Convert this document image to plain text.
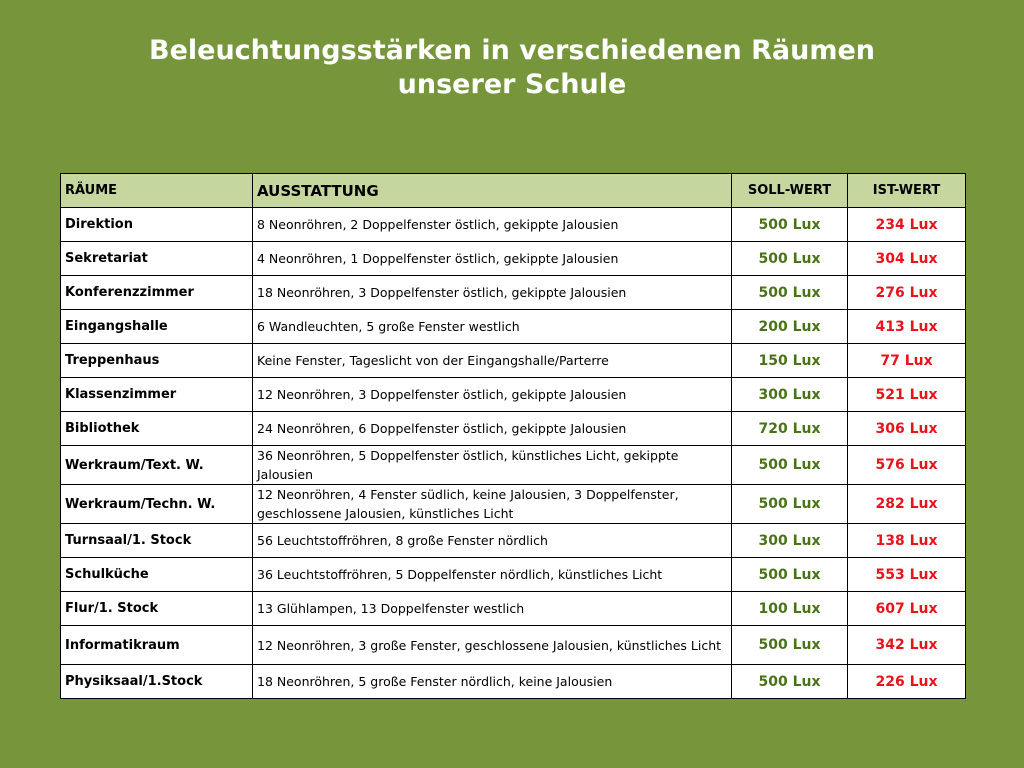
Beleuchtungsstärken in verschiedenen Räumen
unserer Schule
RÄUME	AUSSTATTUNG	SOLL-WERT	IST-WERT
Direktion	8 Neonröhren, 2 Doppelfenster östlich, gekippte Jalousien	500 Lux	234 Lux
Sekretariat	4 Neonröhren, 1 Doppelfenster östlich, gekippte Jalousien	500 Lux	304 Lux
Konferenzzimmer	18 Neonröhren, 3 Doppelfenster östlich, gekippte Jalousien	500 Lux	276 Lux
Eingangshalle	6 Wandleuchten, 5 große Fenster westlich	200 Lux	413 Lux
Treppenhaus	Keine Fenster, Tageslicht von der Eingangshalle/Parterre	150 Lux	77 Lux
Klassenzimmer	12 Neonröhren, 3 Doppelfenster östlich, gekippte Jalousien	300 Lux	521 Lux
Bibliothek	24 Neonröhren, 6 Doppelfenster östlich, gekippte Jalousien	720 Lux	306 Lux
Werkraum/Text. W.	36 Neonröhren, 5 Doppelfenster östlich, künstliches Licht, gekippte Jalousien	500 Lux	576 Lux
Werkraum/Techn. W.	12 Neonröhren, 4 Fenster südlich, keine Jalousien, 3 Doppelfenster, geschlossene Jalousien, künstliches Licht	500 Lux	282 Lux
Turnsaal/1. Stock	56 Leuchtstoffröhren, 8 große Fenster nördlich	300 Lux	138 Lux
Schulküche	36 Leuchtstoffröhren, 5 Doppelfenster nördlich, künstliches Licht	500 Lux	553 Lux
Flur/1. Stock	13 Glühlampen, 13 Doppelfenster westlich	100 Lux	607 Lux
Informatikraum	12 Neonröhren, 3 große Fenster, geschlossene Jalousien, künstliches Licht	500 Lux	342 Lux
Physiksaal/1.Stock	18 Neonröhren, 5 große Fenster nördlich, keine Jalousien	500 Lux	226 Lux
